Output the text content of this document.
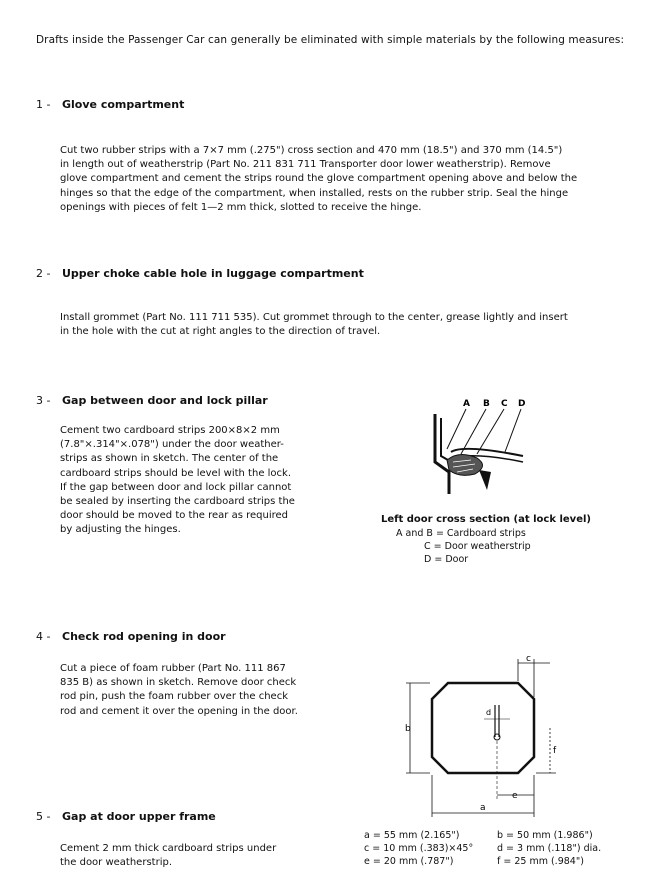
Drafts inside the Passenger Car can generally be eliminated with simple materials by the following measures:
1 - Glove compartment
Cut two rubber strips with a 7×7 mm (.275") cross section and 470 mm (18.5") and 370 mm (14.5")
in length out of weatherstrip (Part No. 211 831 711 Transporter door lower weatherstrip). Remove
glove compartment and cement the strips round the glove compartment opening above and below the
hinges so that the edge of the compartment, when installed, rests on the rubber strip. Seal the hinge
openings with pieces of felt 1—2 mm thick, slotted to receive the hinge.
2 - Upper choke cable hole in luggage compartment
Install grommet (Part No. 111 711 535). Cut grommet through to the center, grease lightly and insert
in the hole with the cut at right angles to the direction of travel.
3 - Gap between door and lock pillar
Cement two cardboard strips 200×8×2 mm
(7.8"×.314"×.078") under the door weather-
strips as shown in sketch. The center of the
cardboard strips should be level with the lock.
If the gap between door and lock pillar cannot
be sealed by inserting the cardboard strips the
door should be moved to the rear as required
by adjusting the hinges.
A B C D
Left door cross section (at lock level)
A and B = Cardboard strips
C = Door weatherstrip
D = Door
4 - Check rod opening in door
Cut a piece of foam rubber (Part No. 111 867
835 B) as shown in sketch. Remove door check
rod pin, push the foam rubber over the check
rod and cement it over the opening in the door.
b
a
c
d
e
f
5 - Gap at door upper frame
Cement 2 mm thick cardboard strips under
the door weatherstrip.
a = 55 mm (2.165")
c = 10 mm (.383)×45°
e = 20 mm (.787")
b = 50 mm (1.986")
d = 3 mm (.118") dia.
f = 25 mm (.984")
